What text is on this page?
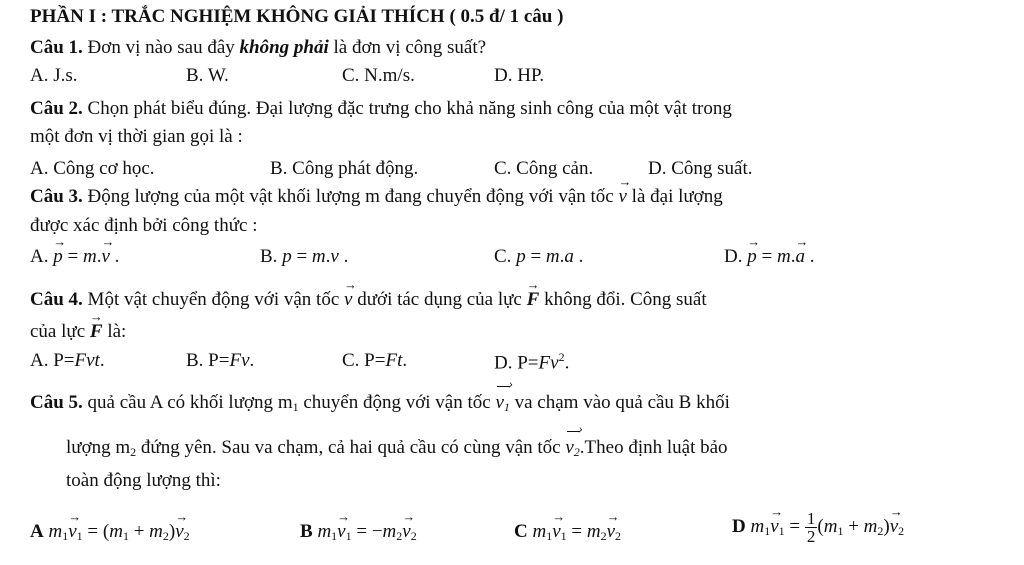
PHẦN I : TRẮC NGHIỆM KHÔNG GIẢI THÍCH ( 0.5 đ/ 1 câu )
Câu 1. Đơn vị nào sau đây không phải là đơn vị công suất?
A. J.s.	B. W.	C. N.m/s.	D. HP.
Câu 2. Chọn phát biểu đúng. Đại lượng đặc trưng cho khả năng sinh công của một vật trong
một đơn vị thời gian gọi là :
A. Công cơ học.	B. Công phát động.	C. Công cản.	D. Công suất.
Câu 3. Động lượng của một vật khối lượng m đang chuyển động với vận tốc → v là đại lượng
được xác định bởi công thức :
A. → p = m.→ v .	B. p = m.v .	C. p = m.a .	D. → p = m.→ a .
Câu 4. Một vật chuyển động với vận tốc → v dưới tác dụng của lực → F không đổi. Công suất
của lực → F là:
A. P=Fvt.	B. P=Fv.	C. P=Ft.	D. $P=Fv^2$.
Câu 5. quả cầu A có khối lượng $m_1$ chuyển động với vận tốc $v_1$ › va chạm vào quả cầu B khối
lượng $m_2$ đứng yên. Sau va chạm, cả hai quả cầu có cùng vận tốc $v_2$ ›.Theo định luật bảo
toàn động lượng thì:
A $m_1\to v_1 = (m_1 + m_2)\to v_2$	B $m_1\to v_1 = -m_2\to v_2$	C $m_1\to v_1 = m_2\to v_2$	D $m_1\to v_1 = \frac{1}{2} (m_1 + m_2)\to v_2$
